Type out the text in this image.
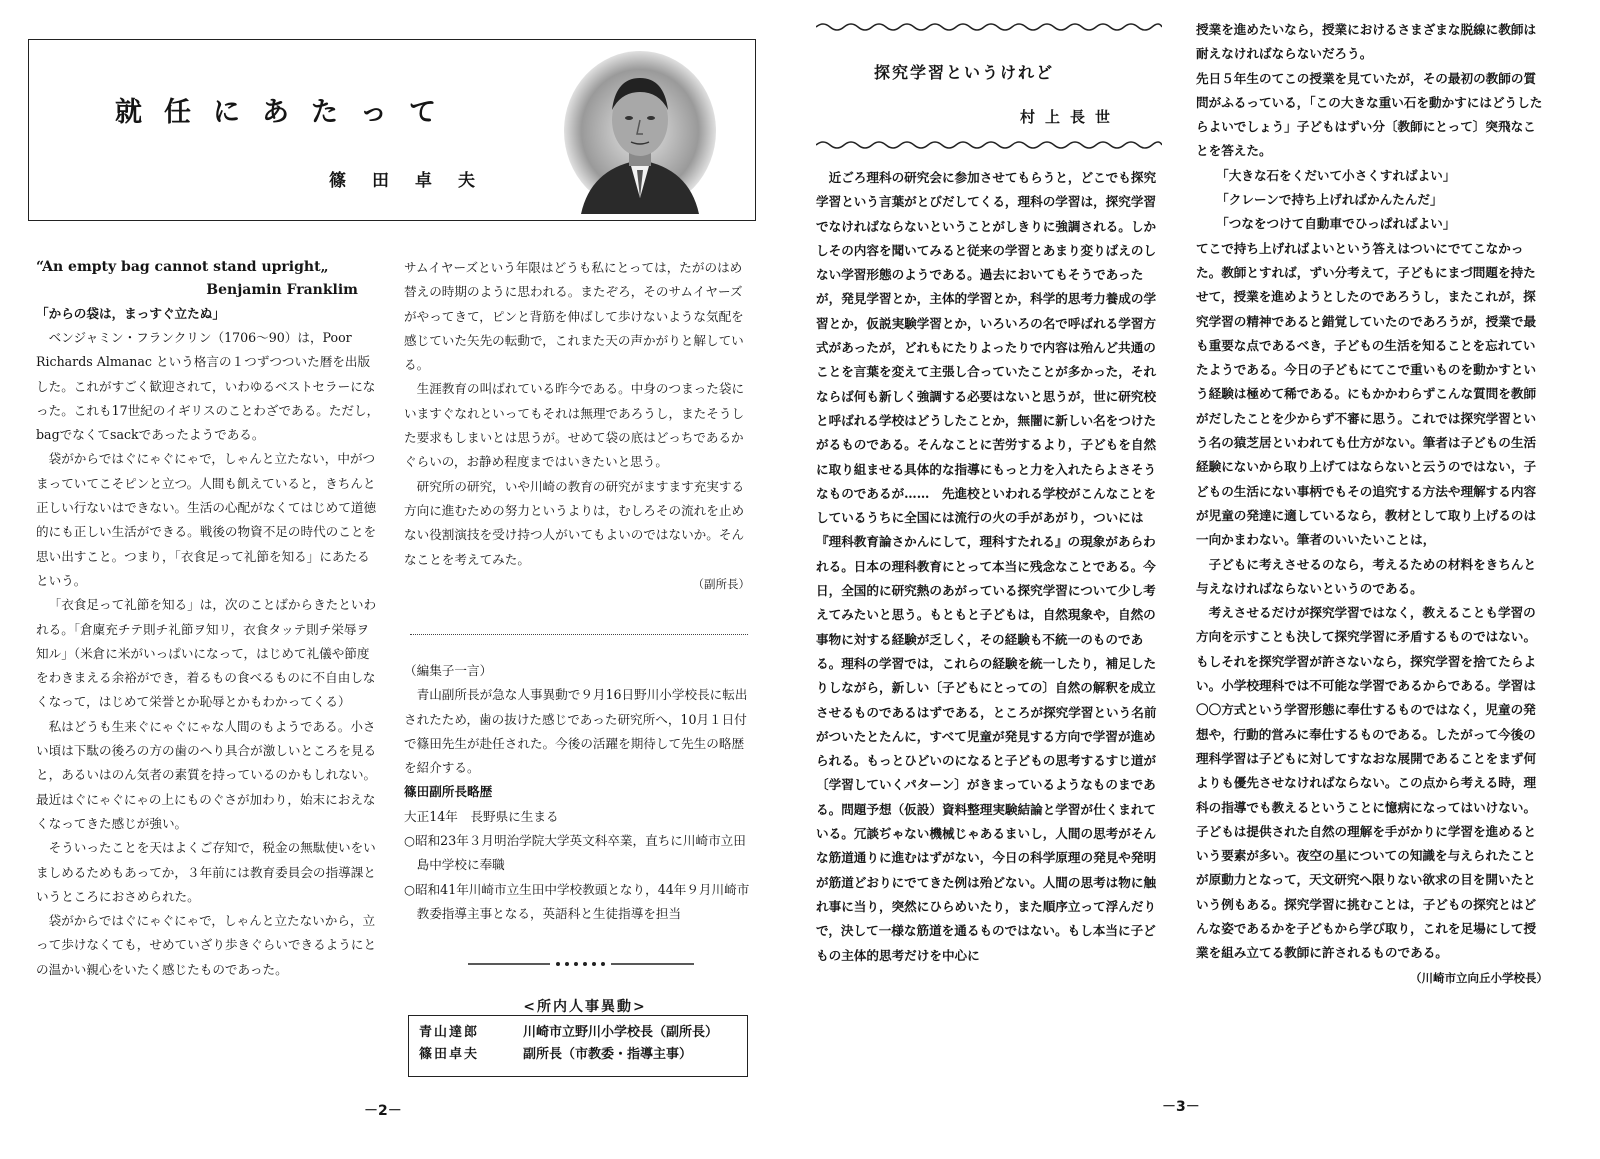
就任にあたって
篠田卓夫

“An empty bag cannot stand upright„

Benjamin Franklim

「からの袋は，まっすぐ立たぬ」

ベンジャミン・フランクリン（1706～90）は，Poor Richards Almanac という格言の１つずつついた暦を出版した。これがすごく歓迎されて，いわゆるベストセラーになった。これも17世紀のイギリスのことわざである。ただし，bagでなくてsackであったようである。

袋がからではぐにゃぐにゃで，しゃんと立たない，中がつまっていてこそピンと立つ。人間も飢えていると，きちんと正しい行ないはできない。生活の心配がなくてはじめて道徳的にも正しい生活ができる。戦後の物資不足の時代のことを思い出すこと。つまり，「衣食足って礼節を知る」にあたるという。

「衣食足って礼節を知る」は，次のことばからきたといわれる。「倉廩充チテ則チ礼節ヲ知リ，衣食タッテ則チ栄辱ヲ知ル」（米倉に米がいっぱいになって，はじめて礼儀や節度をわきまえる余裕ができ，着るもの食べるものに不自由しなくなって，はじめて栄誉とか恥辱とかもわかってくる）

私はどうも生来ぐにゃぐにゃな人間のもようである。小さい頃は下駄の後ろの方の歯のへり具合が激しいところを見ると，あるいはのん気者の素質を持っているのかもしれない。最近はぐにゃぐにゃの上にものぐさが加わり，始末におえなくなってきた感じが強い。

そういったことを天はよくご存知で，税金の無駄使いをいましめるためもあってか，３年前には教育委員会の指導課というところにおさめられた。

袋がからではぐにゃぐにゃで，しゃんと立たないから，立って歩けなくても，せめていざり歩きぐらいできるようにとの温かい親心をいたく感じたものであった。

サムイヤーズという年限はどうも私にとっては，たがのはめ替えの時期のように思われる。またぞろ，そのサムイヤーズがやってきて，ピンと背筋を伸ばして歩けないような気配を感じていた矢先の転動で，これまた天の声かがりと解している。

生涯教育の叫ばれている昨今である。中身のつまった袋にいますぐなれといってもそれは無理であろうし，またそうした要求もしまいとは思うが。せめて袋の底はどっちであるかぐらいの，お静め程度まではいきたいと思う。

研究所の研究，いや川崎の教育の研究がますます充実する方向に進むための努力というよりは，むしろその流れを止めない役割演技を受け持つ人がいてもよいのではないか。そんなことを考えてみた。

（副所長）

（編集子一言）

青山副所長が急な人事異動で９月16日野川小学校長に転出されたため，歯の抜けた感じであった研究所へ，10月１日付で篠田先生が赴任された。今後の活躍を期待して先生の略歴を紹介する。

篠田副所長略歴

大正14年　長野県に生まる

○昭和23年３月明治学院大学英文科卒業，直ちに川崎市立田島中学校に奉職

○昭和41年川崎市立生田中学校教頭となり，44年９月川崎市教委指導主事となる，英語科と生徒指導を担当

<所内人事異動>
青山達郎	川崎市立野川小学校長（副所長）
篠田卓夫	副所長（市教委・指導主事）
－2－
探究学習というけれど
村上長世

近ごろ理科の研究会に参加させてもらうと，どこでも探究学習という言葉がとびだしてくる，理科の学習は，探究学習でなければならないということがしきりに強調される。しかしその内容を聞いてみると従来の学習とあまり変りばえのしない学習形態のようである。過去においてもそうであったが，発見学習とか，主体的学習とか，科学的思考力養成の学習とか，仮説実験学習とか，いろいろの名で呼ばれる学習方式があったが，どれもにたりよったりで内容は殆んど共通のことを言葉を変えて主張し合っていたことが多かった，それならば何も新しく強調する必要はないと思うが，世に研究校と呼ばれる学校はどうしたことか，無闇に新しい名をつけたがるものである。そんなことに苦労するより，子どもを自然に取り組ませる具体的な指導にもっと力を入れたらよさそうなものであるが……　先進校といわれる学校がこんなことをしているうちに全国には流行の火の手があがり，ついには『理科教育論さかんにして，理科すたれる』の現象があらわれる。日本の理科教育にとって本当に残念なことである。今日，全国的に研究熱のあがっている探究学習について少し考えてみたいと思う。もともと子どもは，自然現象や，自然の事物に対する経験が乏しく，その経験も不統一のものである。理科の学習では，これらの経験を統一したり，補足したりしながら，新しい〔子どもにとっての〕自然の解釈を成立させるものであるはずである，ところが探究学習という名前がついたとたんに，すべて児童が発見する方向で学習が進められる。もっとひどいのになると子どもの思考するすじ道が〔学習していくパターン〕がきまっているようなものまである。問題予想（仮設）資料整理実験結論と学習が仕くまれている。冗談ぢゃない機械じゃあるまいし，人間の思考がそんな筋道通りに進むはずがない，今日の科学原理の発見や発明が筋道どおりにでてきた例は殆どない。人間の思考は物に触れ事に当り，突然にひらめいたり，また順序立って浮んだりで，決して一様な筋道を通るものではない。もし本当に子どもの主体的思考だけを中心に

授業を進めたいなら，授業におけるさまざまな脱線に教師は耐えなければならないだろう。

先日５年生のてこの授業を見ていたが，その最初の教師の質問がふるっている，「この大きな重い石を動かすにはどうしたらよいでしょう」子どもはずい分〔教師にとって〕突飛なことを答えた。

「大きな石をくだいて小さくすればよい」

「クレーンで持ち上げればかんたんだ」

「つなをつけて自動車でひっぱればよい」

てこで持ち上げればよいという答えはついにでてこなかった。教師とすれば，ずい分考えて，子どもにまづ問題を持たせて，授業を進めようとしたのであろうし，またこれが，探究学習の精神であると錯覚していたのであろうが，授業で最も重要な点であるべき，子どもの生活を知ることを忘れていたようである。今日の子どもにてこで重いものを動かすという経験は極めて稀である。にもかかわらずこんな質問を教師がだしたことを少からず不審に思う。これでは探究学習という名の猿芝居といわれても仕方がない。筆者は子どもの生活経験にないから取り上げてはならないと云うのではない，子どもの生活にない事柄でもその追究する方法や理解する内容が児童の発達に適しているなら，教材として取り上げるのは一向かまわない。筆者のいいたいことは，

子どもに考えさせるのなら，考えるための材料をきちんと与えなければならないというのである。

考えさせるだけが探究学習ではなく，教えることも学習の方向を示すことも決して探究学習に矛盾するものではない。もしそれを探究学習が許さないなら，探究学習を捨てたらよい。小学校理科では不可能な学習であるからである。学習は〇〇方式という学習形態に奉仕するものではなく，児童の発想や，行動的営みに奉仕するものである。したがって今後の理科学習は子どもに対してすなおな展開であることをまず何よりも優先させなければならない。この点から考える時，理科の指導でも教えるということに憶病になってはいけない。子どもは提供された自然の理解を手がかりに学習を進めるという要素が多い。夜空の星についての知識を与えられたことが原動力となって，天文研究へ限りない欲求の目を開いたという例もある。探究学習に挑むことは，子どもの探究とはどんな姿であるかを子どもから学び取り，これを足場にして授業を組み立てる教師に許されるものである。
（川崎市立向丘小学校長）

－3－
